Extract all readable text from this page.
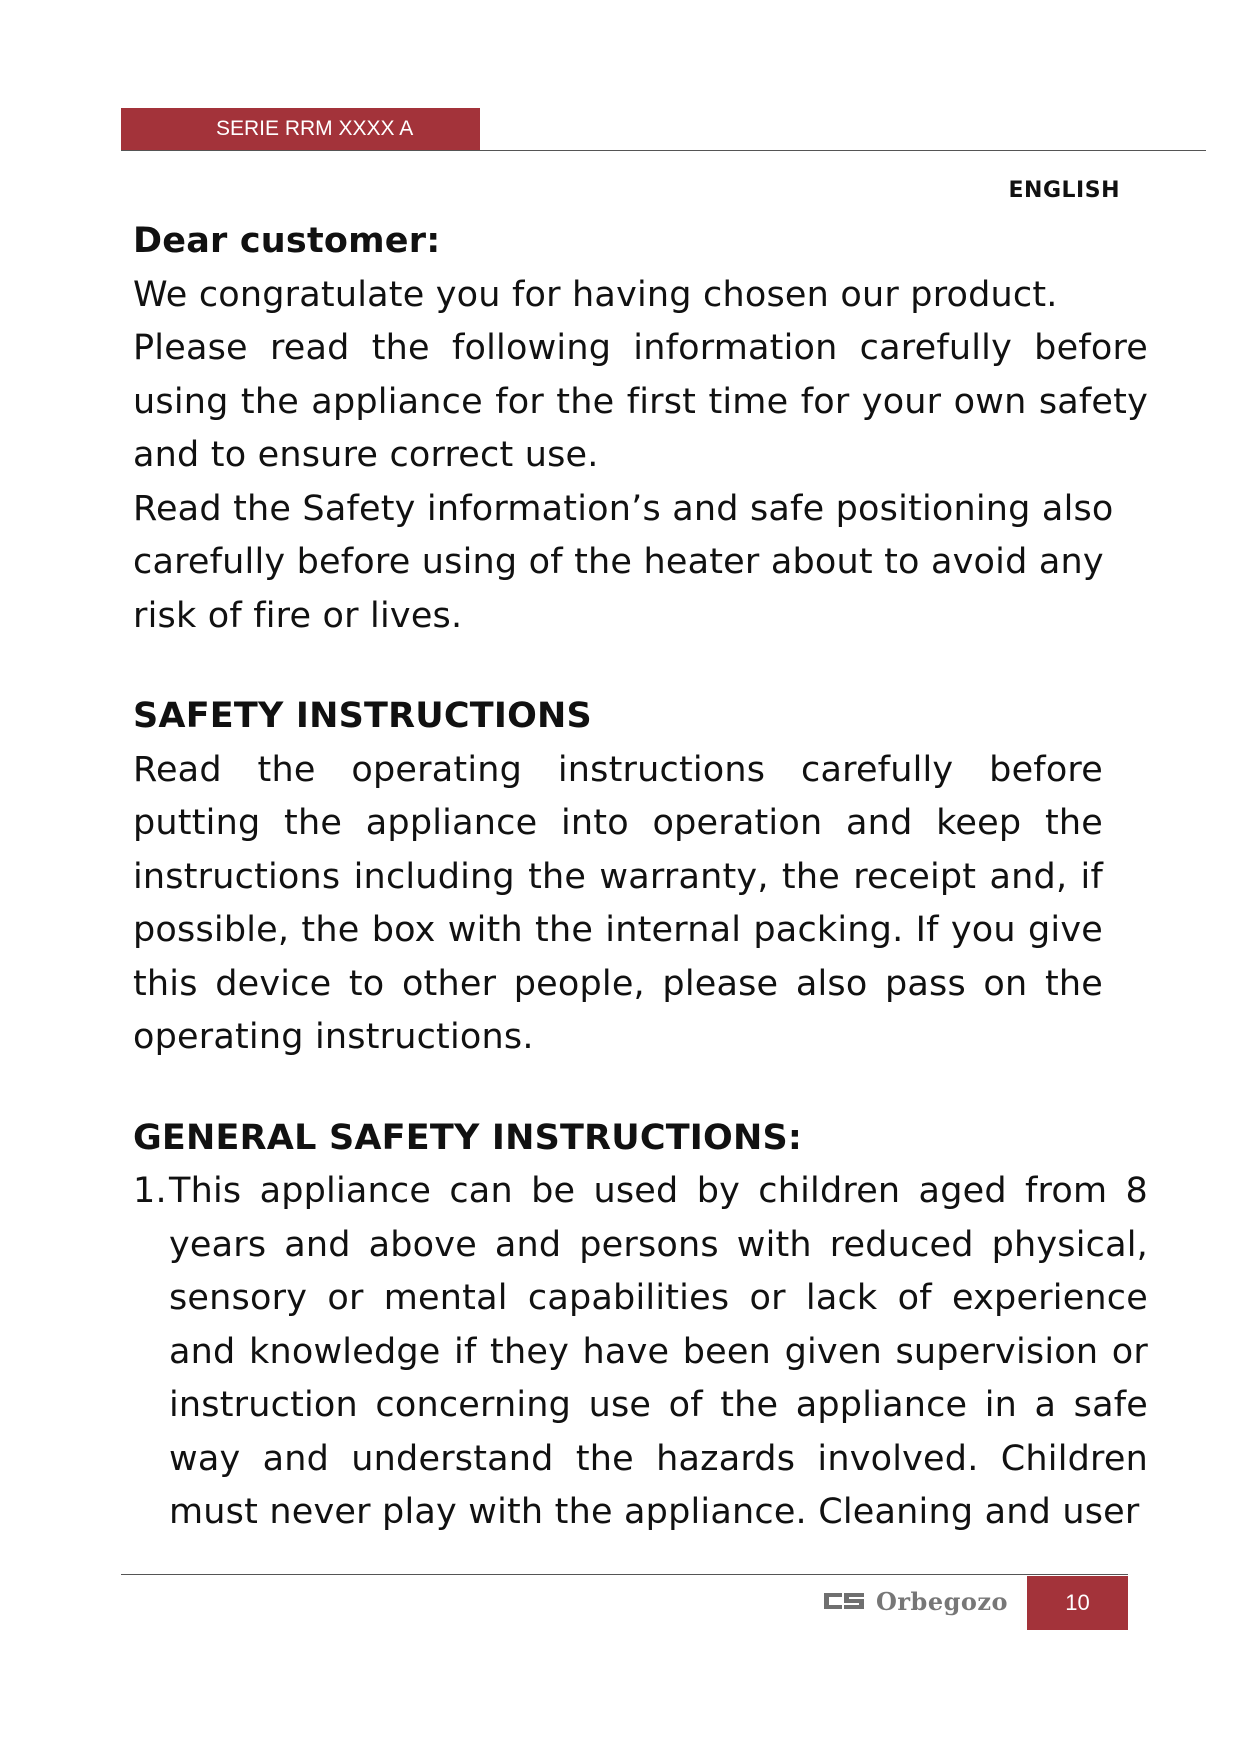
SERIE RRM XXXX A
ENGLISH
Dear customer:

We congratulate you for having chosen our product.

Please read the following information carefully before using the appliance for the first time for your own safety and to ensure correct use.

Read the Safety information’s and safe positioning also carefully before using of the heater about to avoid any risk of fire or lives.

SAFETY INSTRUCTIONS

Read the operating instructions carefully before putting the appliance into operation and keep the instructions including the warranty, the receipt and, if possible, the box with the internal packing. If you give this device to other people, please also pass on the operating instructions.

GENERAL SAFETY INSTRUCTIONS:
1. This appliance can be used by children aged from 8 years and above and persons with reduced physical, sensory or mental capabilities or lack of experience and knowledge if they have been given supervision or instruction concerning use of the appliance in a safe way and understand the hazards involved. Children must never play with the appliance. Cleaning and user
Orbegozo	10
